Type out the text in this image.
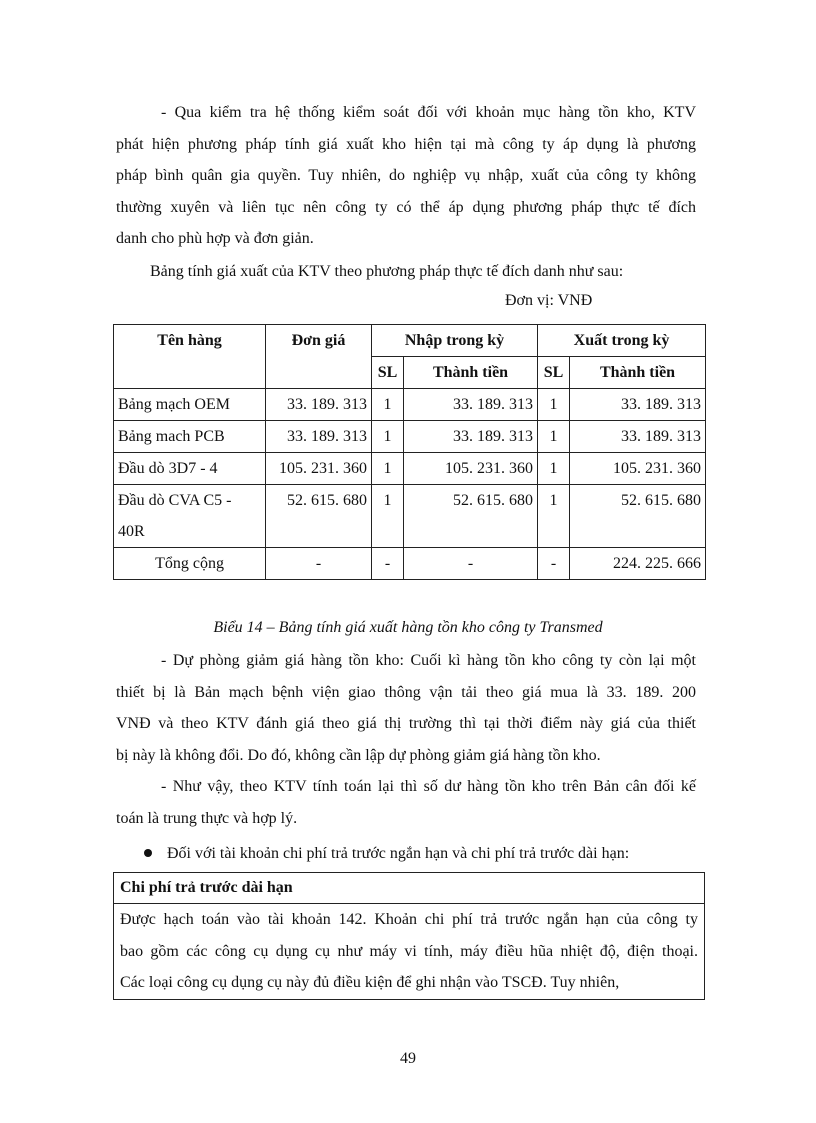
- Qua kiểm tra hệ thống kiểm soát đối với khoản mục hàng tồn kho, KTV
phát hiện phương pháp tính giá xuất kho hiện tại mà công ty áp dụng là phương
pháp bình quân gia quyền. Tuy nhiên, do nghiệp vụ nhập, xuất của công ty không
thường xuyên và liên tục nên công ty có thể áp dụng phương pháp thực tế đích
danh cho phù hợp và đơn giản.

Bảng tính giá xuất của KTV theo phương pháp thực tế đích danh như sau:

Đơn vị: VNĐ

Tên hàng	Đơn giá	Nhập trong kỳ		Xuất trong kỳ	
		SL	Thành tiền	SL	Thành tiền
Bảng mạch OEM	33. 189. 313	1	33. 189. 313	1	33. 189. 313
Bảng mach PCB	33. 189. 313	1	33. 189. 313	1	33. 189. 313
Đầu dò 3D7 - 4	105. 231. 360	1	105. 231. 360	1	105. 231. 360
Đầu dò CVA C5 - 40R	52. 615. 680	1	52. 615. 680	1	52. 615. 680
Tổng cộng	-	-	-	-	224. 225. 666

Biểu 14 – Bảng tính giá xuất hàng tồn kho công ty Transmed

- Dự phòng giảm giá hàng tồn kho: Cuối kì hàng tồn kho công ty còn lại một
thiết bị là Bản mạch bệnh viện giao thông vận tải theo giá mua là 33. 189. 200
VNĐ và theo KTV đánh giá theo giá thị trường thì tại thời điểm này giá của thiết
bị này là không đổi. Do đó, không cần lập dự phòng giảm giá hàng tồn kho.
- Như vậy, theo KTV tính toán lại thì số dư hàng tồn kho trên Bản cân đối kế
toán là trung thực và hợp lý.

Đối với tài khoản chi phí trả trước ngắn hạn và chi phí trả trước dài hạn:

Chi phí trả trước dài hạn
Được hạch toán vào tài khoản 142. Khoản chi phí trả trước ngắn hạn của công ty
bao gồm các công cụ dụng cụ như máy vi tính, máy điều hũa nhiệt độ, điện thoại.
Các loại công cụ dụng cụ này đủ điều kiện để ghi nhận vào TSCĐ. Tuy nhiên,

49
